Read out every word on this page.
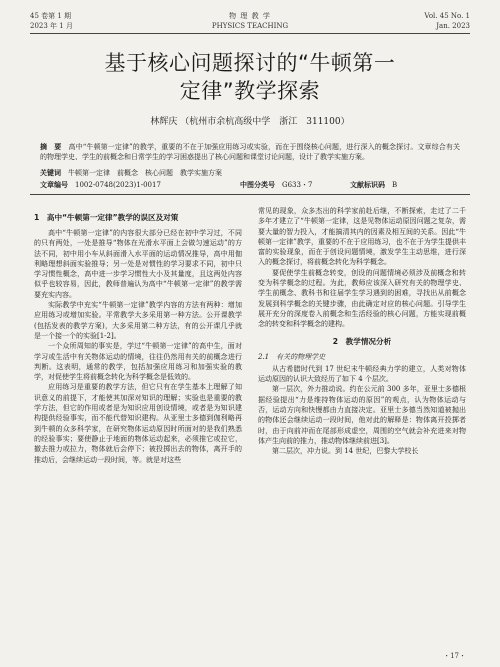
45 卷第 1 期
2023 年 1 月
物 理 教 学
PHYSICS TEACHING
Vol. 45 No. 1
Jan. 2023
基于核心问题探讨的“牛顿第一
定律”教学探索
林辉庆 （杭州市余杭高级中学　浙江　311100）
摘　要　 高中“牛顿第一定律”的教学，重要的不在于加强应用练习或实验，而在于围绕核心问题，进行深入的概念探讨。文章综合有关的物理学史、学生的前概念和日常学生的学习困惑提出了核心问题和课堂讨论问题，设计了教学实施方案。
关键词　 牛顿第一定律　前概念　核心问题　教学实施方案
文章编号　 1002-0748(2023)1-0017	中图分类号　 G633・7	文献标识码　 B

1　高中“牛顿第一定律”教学的误区及对策

高中“牛顿第一定律”的内容很大部分已经在初中学习过，不同的只有两处，一处是推导“物体在光滑水平面上会做匀速运动”的方法不同，初中用小车从斜面滑入水平面的运动情况推导，高中用伽利略理想斜面实验推导；另一处是对惯性的学习要求不同，初中只学习惯性概念，高中进一步学习惯性大小及其量度，且这两处内容似乎也较容易，因此，教师普遍认为高中“牛顿第一定律”的教学需要充实内容。

实际教学中充实“牛顿第一定律”教学内容的方法有两种：增加应用练习或增加实验。平常教学大多采用第一种方法。公开课教学(包括发表的教学方案)，大多采用第二种方法，有的公开课几乎就是一个接一个的实验[1-2]。

一个众所周知的事实是，学过“牛顿第一定律”的高中生，面对学习或生活中有关物体运动的情境，往往仍然用有关的前概念进行判断。这表明，通常的教学，包括加强应用练习和加强实验的教学，对促使学生将前概念转化为科学概念是低效的。

应用练习是重要的教学方法，但它只有在学生基本上理解了知识意义的前提下，才能使其加深对知识的理解；实验也是重要的教学方法，但它的作用或者是为知识应用创设情境，或者是为知识建构提供经验事实，而不能代替知识建构。从亚里士多德到伽利略再到牛顿的众多科学家，在研究物体运动原因时所面对的是我们熟悉的经验事实；要使静止于地面的物体运动起来，必须推它或拉它，撤去推力或拉力，物体就后会停下；被投掷出去的物体，离开手的推动后，会继续运动一段时间，等。就是对这些

常见的现象，众多杰出的科学家前赴后继，不断探索，走过了二千多年才建立了“牛顿第一定律，这是见物体运动原因问题之复杂，需要大量的智力投入，才能搞清其内的因素及相互间的关系。因此“牛顿第一定律”教学，重要的不在于应用练习，也不在于为学生提供丰富的实验现象，而在于创设问题情境，激发学生主动思维，进行深入的概念探讨，将前概念转化为科学概念。

要促使学生前概念转变，创设的问题情境必须涉及前概念和转变为科学概念的过程。为此，教师应该深入研究有关的物理学史、学生前概念、教科书和往届学生学习遇到的困难，寻找出从前概念发展到科学概念的关键步骤，由此确定对应的核心问题。引导学生展开充分的深度卷入前概念和生活经验的核心问题，方能实现前概念的转变和科学概念的建构。

2　教学情况分析

2.1　有关的物理学史

从古希腊时代到 17 世纪末牛顿经典力学的建立，人类对物体运动原因的认识大致经历了如下 4 个层次。

第一层次，外力推动说。约在公元前 300 多年，亚里士多德根据经验提出“力是维持物体运动的原因”的观点，认为物体运动与否，运动方向和快慢都由力直接决定。亚里士多德当然知道被抛出的物体还会继续运动一段时间，他对此的解释是：物体离开投掷者时，由于向前冲而在尾部形成虚空，周围的空气就会补充进来对物体产生向前的推力，推动物体继续前进[3]。

第二层次，冲力说。到 14 世纪，巴黎大学校长

・17・
